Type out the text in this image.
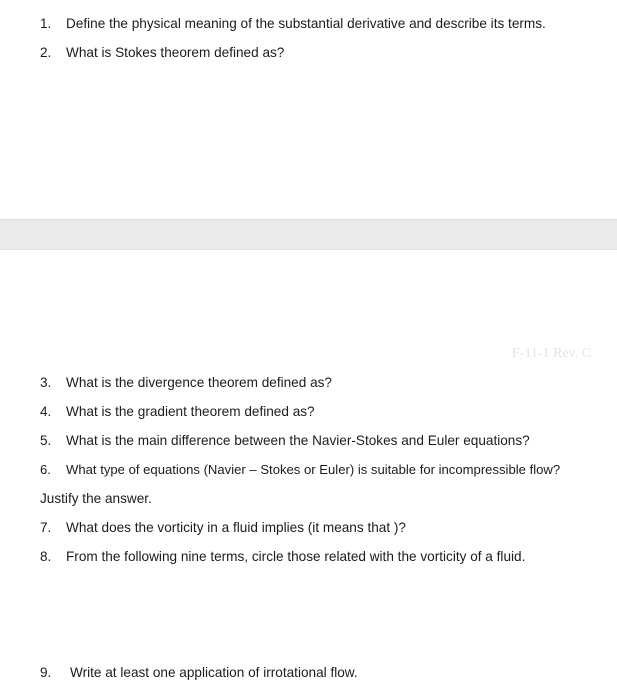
1. Define the physical meaning of the substantial derivative and describe its terms.
2. What is Stokes theorem defined as?
F-11-1 Rev. C
3. What is the divergence theorem defined as?
4. What is the gradient theorem defined as?
5. What is the main difference between the Navier-Stokes and Euler equations?
6. What type of equations (Navier – Stokes or Euler) is suitable for incompressible flow?
Justify the answer.
7. What does the vorticity in a fluid implies (it means that )?
8. From the following nine terms, circle those related with the vorticity of a fluid.
9. Write at least one application of irrotational flow.
